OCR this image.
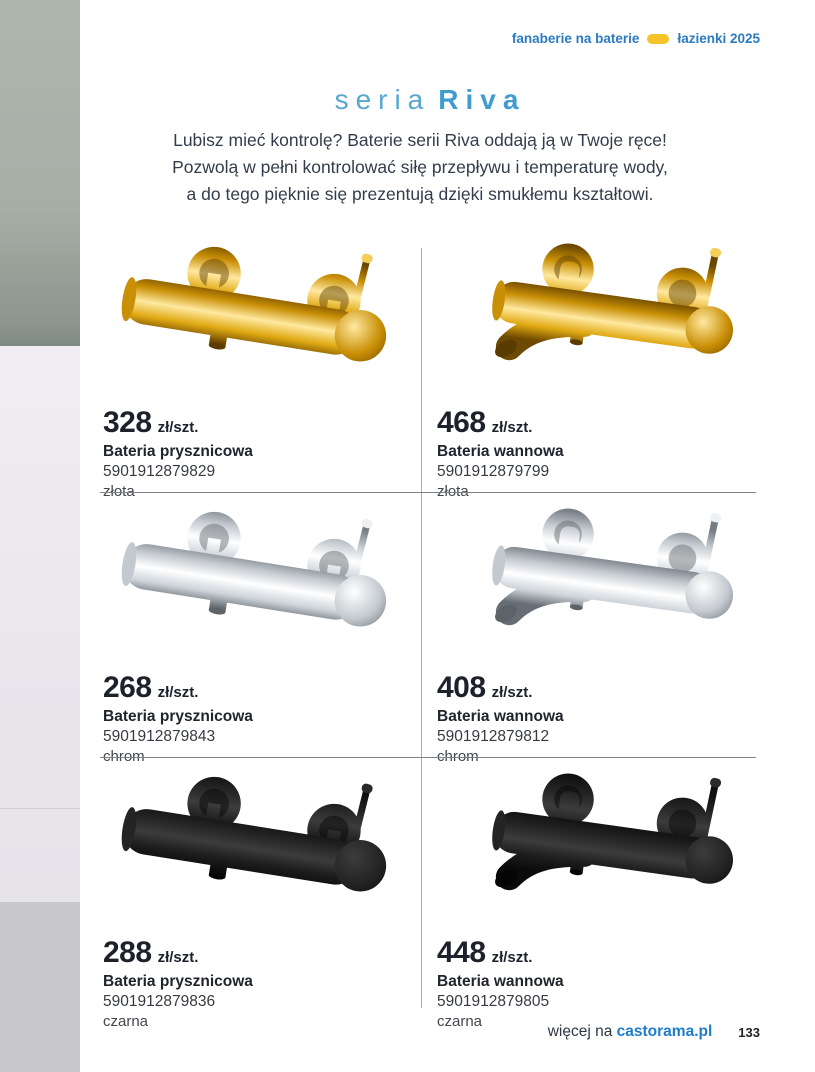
fanaberie na baterie	łazienki 2025
seria Riva
Lubisz mieć kontrolę? Baterie serii Riva oddają ją w Twoje ręce!
Pozwolą w pełni kontrolować siłę przepływu i temperaturę wody,
a do tego pięknie się prezentują dzięki smukłemu kształtowi.
328 zł/szt.
Bateria prysznicowa
5901912879829
złota
468 zł/szt.
Bateria wannowa
5901912879799
złota
268 zł/szt.
Bateria prysznicowa
5901912879843
chrom
408 zł/szt.
Bateria wannowa
5901912879812
chrom
288 zł/szt.
Bateria prysznicowa
5901912879836
czarna
448 zł/szt.
Bateria wannowa
5901912879805
czarna
więcej na castorama.pl 133
